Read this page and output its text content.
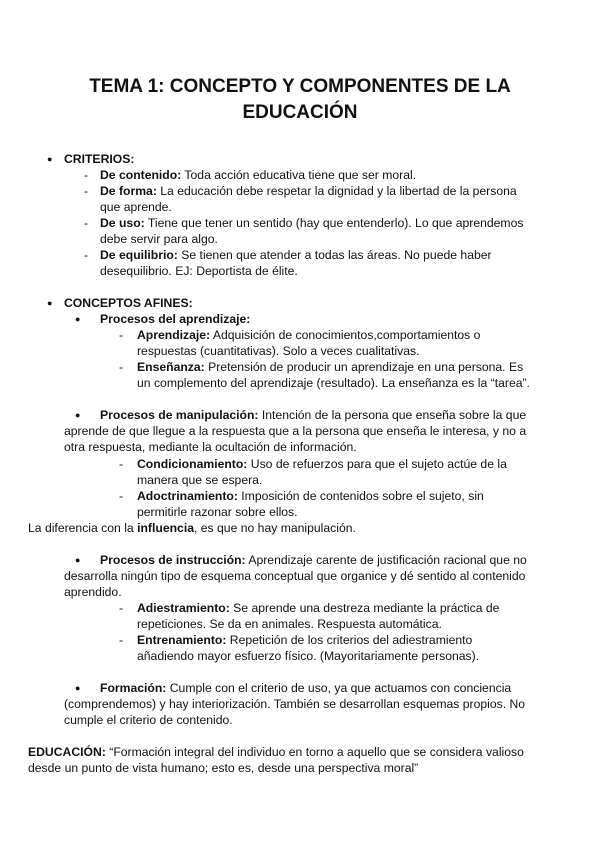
TEMA 1: CONCEPTO Y COMPONENTES DE LA
EDUCACIÓN
● CRITERIOS:
- De contenido: Toda acción educativa tiene que ser moral.
- De forma: La educación debe respetar la dignidad y la libertad de la persona
que aprende.
- De uso: Tiene que tener un sentido (hay que entenderlo). Lo que aprendemos
debe servir para algo.
- De equilibrio: Se tienen que atender a todas las áreas. No puede haber
desequilibrio. EJ: Deportista de élite.
● CONCEPTOS AFINES:
● Procesos del aprendizaje:
- Aprendizaje: Adquisición de conocimientos,comportamientos o
respuestas (cuantitativas). Solo a veces cualitativas.
- Enseñanza: Pretensión de producir un aprendizaje en una persona. Es
un complemento del aprendizaje (resultado). La enseñanza es la “tarea”.
●	Procesos de manipulación: Intención de la persona que enseña sobre la que
aprende de que llegue a la respuesta que a la persona que enseña le interesa, y no a
otra respuesta, mediante la ocultación de información.
- Condicionamiento: Uso de refuerzos para que el sujeto actúe de la
manera que se espera.
- Adoctrinamiento: Imposición de contenidos sobre el sujeto, sin
permitirle razonar sobre ellos.
La diferencia con la influencia, es que no hay manipulación.
●	Procesos de instrucción: Aprendizaje carente de justificación racional que no
desarrolla ningún tipo de esquema conceptual que organice y dé sentido al contenido
aprendido.
- Adiestramiento: Se aprende una destreza mediante la práctica de
repeticiones. Se da en animales. Respuesta automática.
- Entrenamiento: Repetición de los criterios del adiestramiento
añadiendo mayor esfuerzo físico. (Mayoritariamente personas).
●	Formación: Cumple con el criterio de uso, ya que actuamos con conciencia
(comprendemos) y hay interiorización. También se desarrollan esquemas propios. No
cumple el criterio de contenido.
EDUCACIÓN: “Formación integral del individuo en torno a aquello que se considera valioso
desde un punto de vista humano; esto es, desde una perspectiva moral”
